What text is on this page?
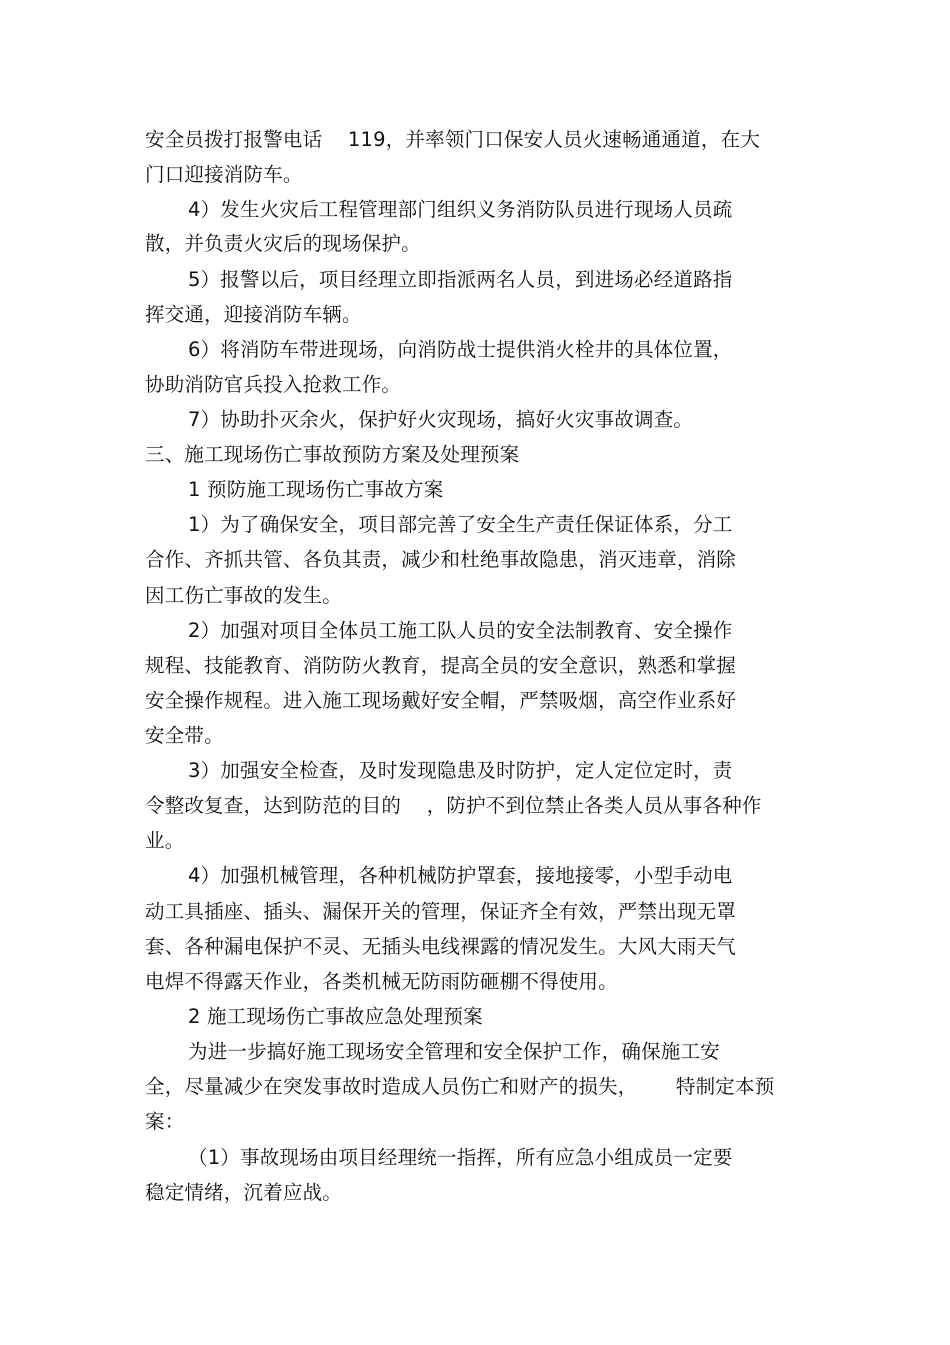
安全员拨打报警电话    119，并率领门口保安人员火速畅通通道，在大
门口迎接消防车。
4）发生火灾后工程管理部门组织义务消防队员进行现场人员疏
散，并负责火灾后的现场保护。
5）报警以后，项目经理立即指派两名人员，到进场必经道路指
挥交通，迎接消防车辆。
6）将消防车带进现场，向消防战士提供消火栓井的具体位置，
协助消防官兵投入抢救工作。
7）协助扑灭余火，保护好火灾现场，搞好火灾事故调查。
三、施工现场伤亡事故预防方案及处理预案
1 预防施工现场伤亡事故方案
1）为了确保安全，项目部完善了安全生产责任保证体系，分工
合作、齐抓共管、各负其责，减少和杜绝事故隐患，消灭违章，消除
因工伤亡事故的发生。
2）加强对项目全体员工施工队人员的安全法制教育、安全操作
规程、技能教育、消防防火教育，提高全员的安全意识，熟悉和掌握
安全操作规程。进入施工现场戴好安全帽，严禁吸烟，高空作业系好
安全带。
3）加强安全检查，及时发现隐患及时防护，定人定位定时，责
令整改复查，达到防范的目的    ，防护不到位禁止各类人员从事各种作
业。
4）加强机械管理，各种机械防护罩套，接地接零，小型手动电
动工具插座、插头、漏保开关的管理，保证齐全有效，严禁出现无罩
套、各种漏电保护不灵、无插头电线裸露的情况发生。大风大雨天气
电焊不得露天作业，各类机械无防雨防砸棚不得使用。
2 施工现场伤亡事故应急处理预案
为进一步搞好施工现场安全管理和安全保护工作，确保施工安
全，尽量减少在突发事故时造成人员伤亡和财产的损失，      特制定本预
案：
（1）事故现场由项目经理统一指挥，所有应急小组成员一定要
稳定情绪，沉着应战。
